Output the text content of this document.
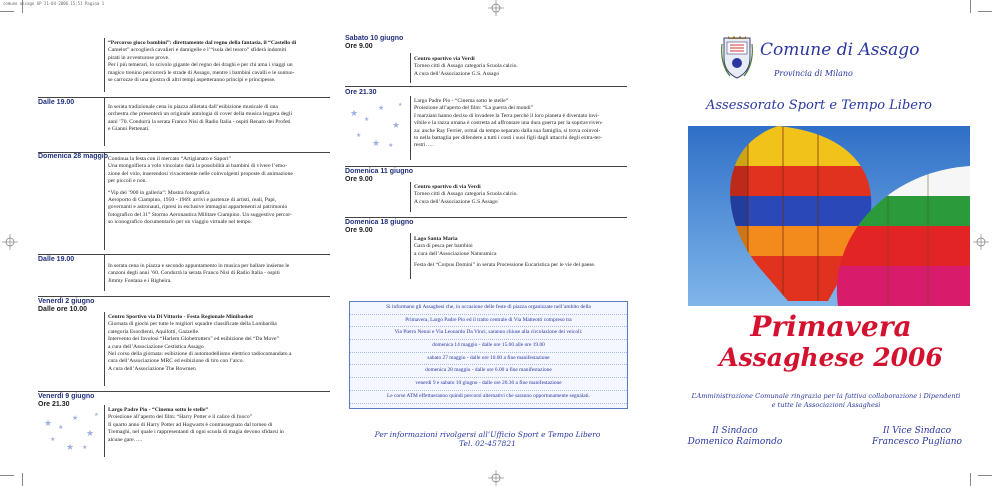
comune assago GP 21-04-2006 15:51 Pagina 1
“Percorso gioco bambini”: direttamente dal regno della fantasia, il “Castello di
Camelot” accoglierà cavalieri e damigelle e l’“isola del tesoro” sfiderà indomiti
pirati in avventurose prove.
Per i più temerari, lo scivolo gigante del regno dei draghi e per chi ama i viaggi un
magico trenino percorrerà le strade di Assago, mentre i bambini cavalli e le sontuo-
se carrozze di una giostra di altri tempi aspetteranno principi e principesse.
Dalle 19.00
In serata tradizionale cena in piazza allietata dall’esibizione musicale di una
orchestra che presenterà un originale antologia di cover della musica leggera degli
anni ’70. Condurrà la serata Franco Nisi di Radio Italia - ospiti Renato dei Profeti
e Gianni Pettenati.
Domenica 28 maggio Continua la festa con il mercato “Artigianato e Sapori”
Una mongolfiera a volo vincolato darà la possibilità ai bambini di vivere l’emo-
zione del volo, inserendosi vivacemente nelle coinvolgenti proposte di animazione
per piccoli e non.
“Vip del ’900 in galleria”: Mostra fotografica
Aeroporto di Ciampino, 1950 - 1969: arrivi e partenze di artisti, reali, Papi,
governanti e astronauti, ripresi in esclusive immagini appartenenti al patrimonio
fotografico del 31° Stormo Aeronautica Militare Ciampino. Un suggestivo percor-
so iconografico documentario per un viaggio virtuale nel tempo.
Dalle 19.00
In serata cena in piazza e secondo appuntamento in musica per ballare insieme le
canzoni degli anni ’60. Condurrà la serata Franco Nisi di Radio Italia - ospiti
Jimmy Fontana e i Righeira.
Venerdì 2 giugno
Dalle ore 10.00
Centro Sportivo via Di Vittorio - Festa Regionale Minibasket
Giornata di giochi per tutte le migliori squadre classificate della Lombardia
categoria Esordienti, Aquilotti, Gazzelle.
Intervento dei favolosi “Harlem Globetrotters” ed esibizione dei “Da Move”
a cura dell’Associazione Cestistica Assago
Nel corso della giornata: esibizione di automodellismo elettrico radiocomandato a
cura dell’Associazione MRC ed esibizione di tiro con l’arco.
A cura dell’Associazione The Bowmen
Venerdì 9 giugno
Ore 21.30
Largo Padre Pio - “Cinema sotto le stelle”
Proiezione all’aperto del film: “Harry Potter e il calice di fuoco”
Il quarto anno di Harry Potter ad Hogwarts è contrassegnato dal torneo di
Tremaghi, nel quale i rappresentanti di ogni scuola di magia devono sfidarsi in
alcune gare…..
★ ★
★
★
★
★ ★
★
Sabato 10 giugno
Ore 9.00
Centro sportivo via Verdi
Torneo citti di Assago categoria Scuola calcio.
A cura dell’Associazione G.S. Assago
Ore 21.30
Largo Padre Pio - “Cinema sotto le stelle”
Proiezione all’aperto del film: “La guerra dei mondi”
I marziani hanno deciso di invadere la Terra perché il loro pianeta è diventato invi-
vibile e la razza umana è costretta ad affrontare una dura guerra per la soprravviven-
za: anche Ray Ferrier, ormai da tempo separato dalla sua famiglia, si trova coinvol-
to nella battaglia per difendere a tutti i costi i suoi figli dagli attacchi degli extra-ter-
restri…..
★
★
★
★
★
★ ★
★
Domenica 11 giugno
Ore 9.00
Centro sportivo di via Verdi
Torneo citti di Assago categoria Scuola calcio.
A cura dell’Associazione G.S Assago
Domenica 18 giugno
Ore 9.00
Lago Santa Maria
Gara di pesca per bambini
a cura dell’Associazione Naturamica
Festa del “Corpus Domini” in serata Processione Eucaristica per le vie del paese.
Si informano gli Assaghesi che, in occasione delle feste di piazza organizzate nell’ambito della
Primavera, Largo Padre Pio ed il tratto centrale di Via Matteotti compreso tra
Via Pietro Nenni e Via Leonardo Da Vinci, saranno chiuse alla circolazione dei veicoli:
domenica 14 maggio - dalle ore 15.00 alle ore 19.00
sabato 27 maggio - dalle ore 10.00 a fine manifestazione
domenica 28 maggio - dalle ore 6.00 a fine manifestazione
venerdì 9 e sabato 10 giugno - dalle ore 20.30 a fine manifestazione
Le corse ATM effettueranno quindi percorsi alternativi che saranno opportunamente segnalati.
Per informazioni rivolgersi all’Ufficio Sport e Tempo Libero
Tel. 02-457821
Comune di Assago
Provincia di Milano
Assessorato Sport e Tempo Libero
Primavera
Assaghese 2006
L’Amministrazione Comunale ringrazia per la fattiva collaborazione i Dipendenti
e tutte le Associazioni Assaghesi
Il Sindaco
Domenico Raimondo
Il Vice Sindaco
Francesco Pugliano
